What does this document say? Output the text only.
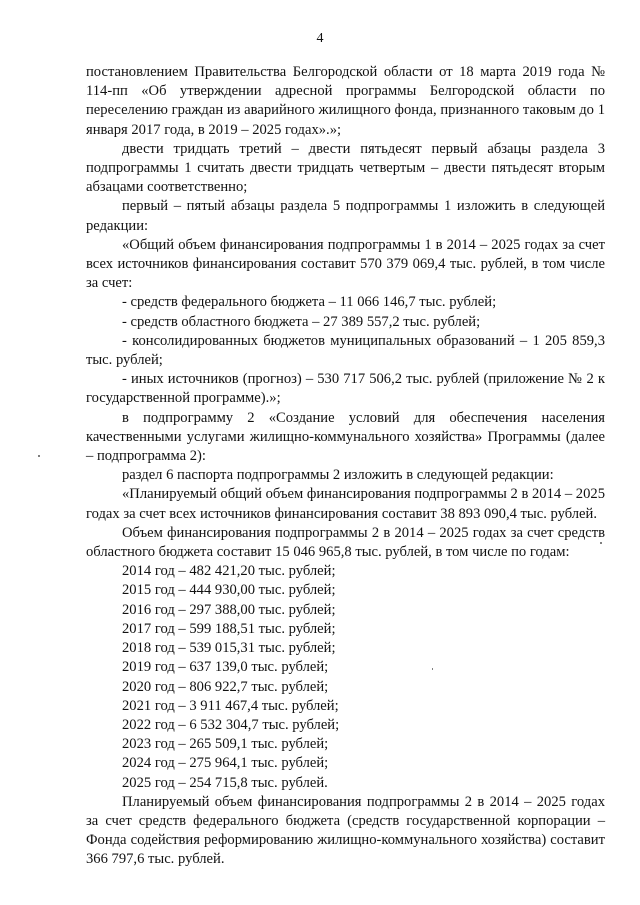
4

постановлением Правительства Белгородской области от 18 марта 2019 года № 114-пп «Об утверждении адресной программы Белгородской области по переселению граждан из аварийного жилищного фонда, признанного таковым до 1 января 2017 года, в 2019 – 2025 годах».»;

двести тридцать третий – двести пятьдесят первый абзацы раздела 3 подпрограммы 1 считать двести тридцать четвертым – двести пятьдесят вторым абзацами соответственно;

первый – пятый абзацы раздела 5 подпрограммы 1 изложить в следующей редакции:

«Общий объем финансирования подпрограммы 1 в 2014 – 2025 годах за счет всех источников финансирования составит 570 379 069,4 тыс. рублей, в том числе за счет:

- средств федерального бюджета – 11 066 146,7 тыс. рублей;

- средств областного бюджета – 27 389 557,2 тыс. рублей;

- консолидированных бюджетов муниципальных образований – 1 205 859,3 тыс. рублей;

- иных источников (прогноз) – 530 717 506,2 тыс. рублей (приложение № 2 к государственной программе).»;

в подпрограмму 2 «Создание условий для обеспечения населения качественными услугами жилищно-коммунального хозяйства» Программы (далее – подпрограмма 2):

раздел 6 паспорта подпрограммы 2 изложить в следующей редакции:

«Планируемый общий объем финансирования подпрограммы 2 в 2014 – 2025 годах за счет всех источников финансирования составит 38 893 090,4 тыс. рублей.

Объем финансирования подпрограммы 2 в 2014 – 2025 годах за счет средств областного бюджета составит 15 046 965,8 тыс. рублей, в том числе по годам:

2014 год – 482 421,20 тыс. рублей;
2015 год – 444 930,00 тыс. рублей;
2016 год – 297 388,00 тыс. рублей;
2017 год – 599 188,51 тыс. рублей;
2018 год – 539 015,31 тыс. рублей;
2019 год – 637 139,0 тыс. рублей;
2020 год – 806 922,7 тыс. рублей;
2021 год – 3 911 467,4 тыс. рублей;
2022 год – 6 532 304,7 тыс. рублей;
2023 год – 265 509,1 тыс. рублей;
2024 год – 275 964,1 тыс. рублей;
2025 год – 254 715,8 тыс. рублей.

Планируемый объем финансирования подпрограммы 2 в 2014 – 2025 годах за счет средств федерального бюджета (средств государственной корпорации – Фонда содействия реформированию жилищно-коммунального хозяйства) составит 366 797,6 тыс. рублей.
